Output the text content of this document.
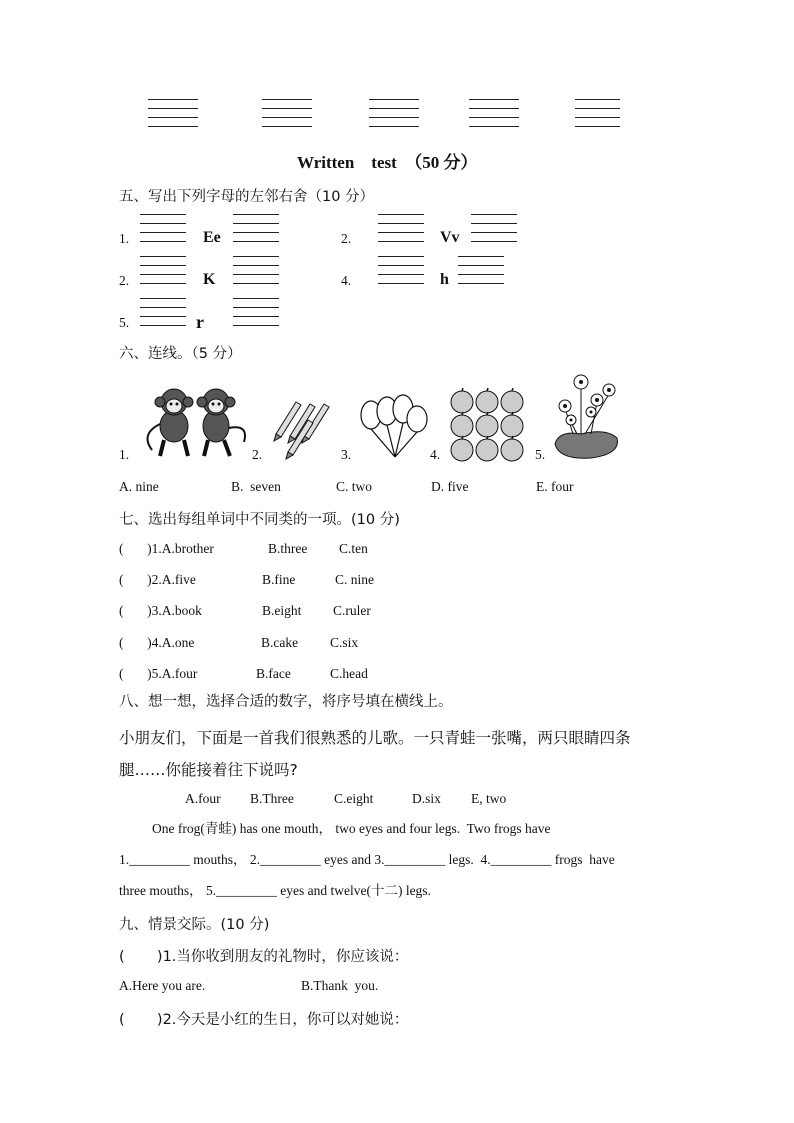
Written    test  （50 分）
五、写出下列字母的左邻右舍（10 分）
1.	Ee	2.	Vv
2.	K	4.	h
5.	r
六、连线。（5 分）
1.	2.	3.	4.	5.
A. nine	B.  seven	C. two	D. five	E. four
七、选出每组单词中不同类的一项。(10 分)
(       )1.A.brother	B.three C.ten
(       )2.A.five	B.fine	C. nine
(       )3.A.book	B.eight C.ruler
(       )4.A.one	B.cake C.six
(       )5.A.four	B.face	C.head
八、想一想，选择合适的数字，将序号填在横线上。
小朋友们，下面是一首我们很熟悉的儿歌。一只青蛙一张嘴，两只眼睛四条
腿……你能接着往下说吗?
A.four B.Three	C.eight	D.six E, two
One frog(青蛙) has one mouth， two eyes and four legs.  Two frogs have
1._________ mouths， 2._________ eyes and 3._________ legs.  4._________ frogs  have
three mouths， 5._________ eyes and twelve(十二) legs.
九、情景交际。(10 分)
(       )1.当你收到朋友的礼物时，你应该说：
A.Here you are.	B.Thank  you.
(       )2.今天是小红的生日，你可以对她说：
